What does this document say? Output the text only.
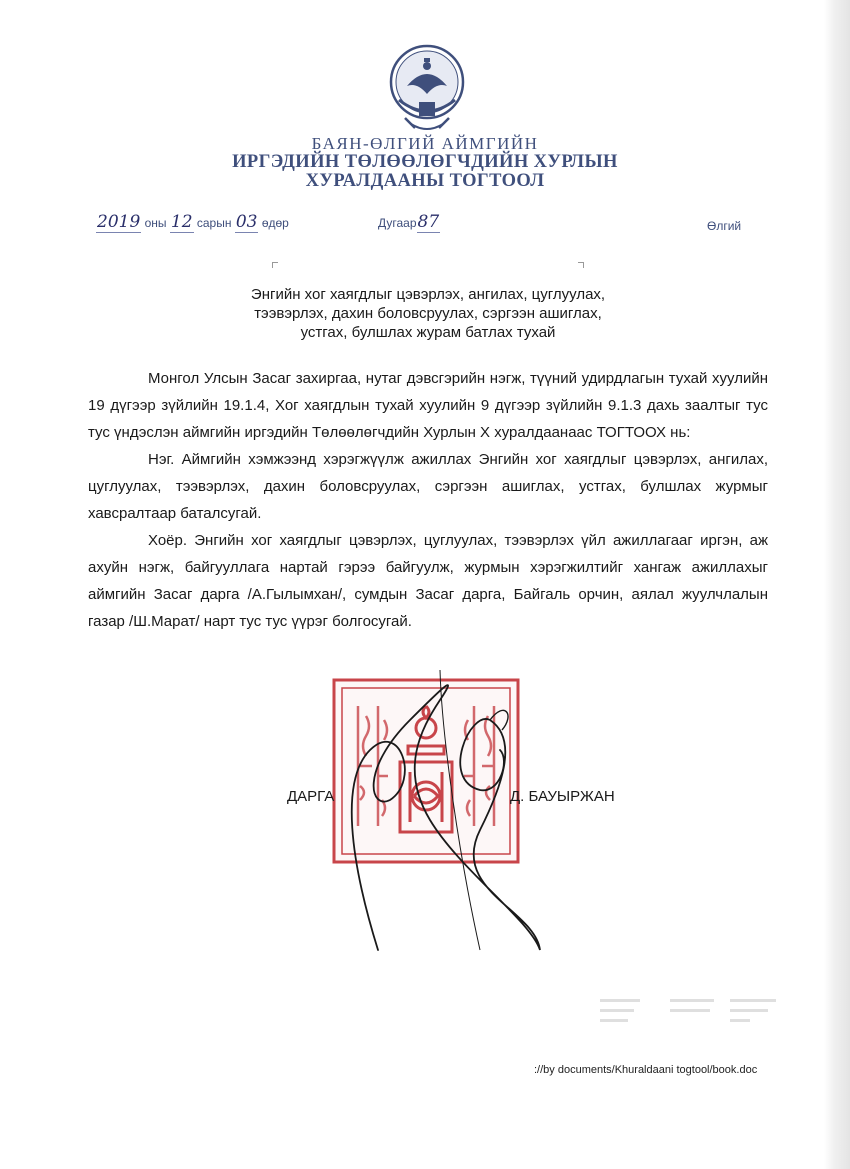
БАЯН-ӨЛГИЙ АЙМГИЙН
ИРГЭДИЙН ТӨЛӨӨЛӨГЧДИЙН ХУРЛЫН
ХУРАЛДААНЫ ТОГТООЛ
2019 оны 12 сарын 03 өдөр	Дугаар87	Өлгий
Энгийн хог хаягдлыг цэвэрлэх, ангилах, цуглуулах,
тээвэрлэх, дахин боловсруулах, сэргээн ашиглах,
устгах, булшлах журам батлах тухай

Монгол Улсын Засаг захиргаа, нутаг дэвсгэрийн нэгж, түүний удирдлагын тухай хуулийн 19 дүгээр зүйлийн 19.1.4, Хог хаягдлын тухай хуулийн 9 дүгээр зүйлийн 9.1.3 дахь заалтыг тус тус үндэслэн аймгийн иргэдийн Төлөөлөгчдийн Хурлын X хуралдаанаас ТОГТООХ нь:

Нэг. Аймгийн хэмжээнд хэрэгжүүлж ажиллах Энгийн хог хаягдлыг цэвэрлэх, ангилах, цуглуулах, тээвэрлэх, дахин боловсруулах, сэргээн ашиглах, устгах, булшлах журмыг хавсралтаар баталсугай.

Хоёр. Энгийн хог хаягдлыг цэвэрлэх, цуглуулах, тээвэрлэх үйл ажиллагааг иргэн, аж ахуйн нэгж, байгууллага нартай гэрээ байгуулж, журмын хэрэгжилтийг хангаж ажиллахыг аймгийн Засаг дарга /А.Гылымхан/, сумдын Засаг дарга, Байгаль орчин, аялал жуулчлалын газар /Ш.Марат/ нарт тус тус үүрэг болгосугай.

ДАРГА	Д. БАУЫРЖАН
://by documents/Khuraldaani togtool/book.doc
